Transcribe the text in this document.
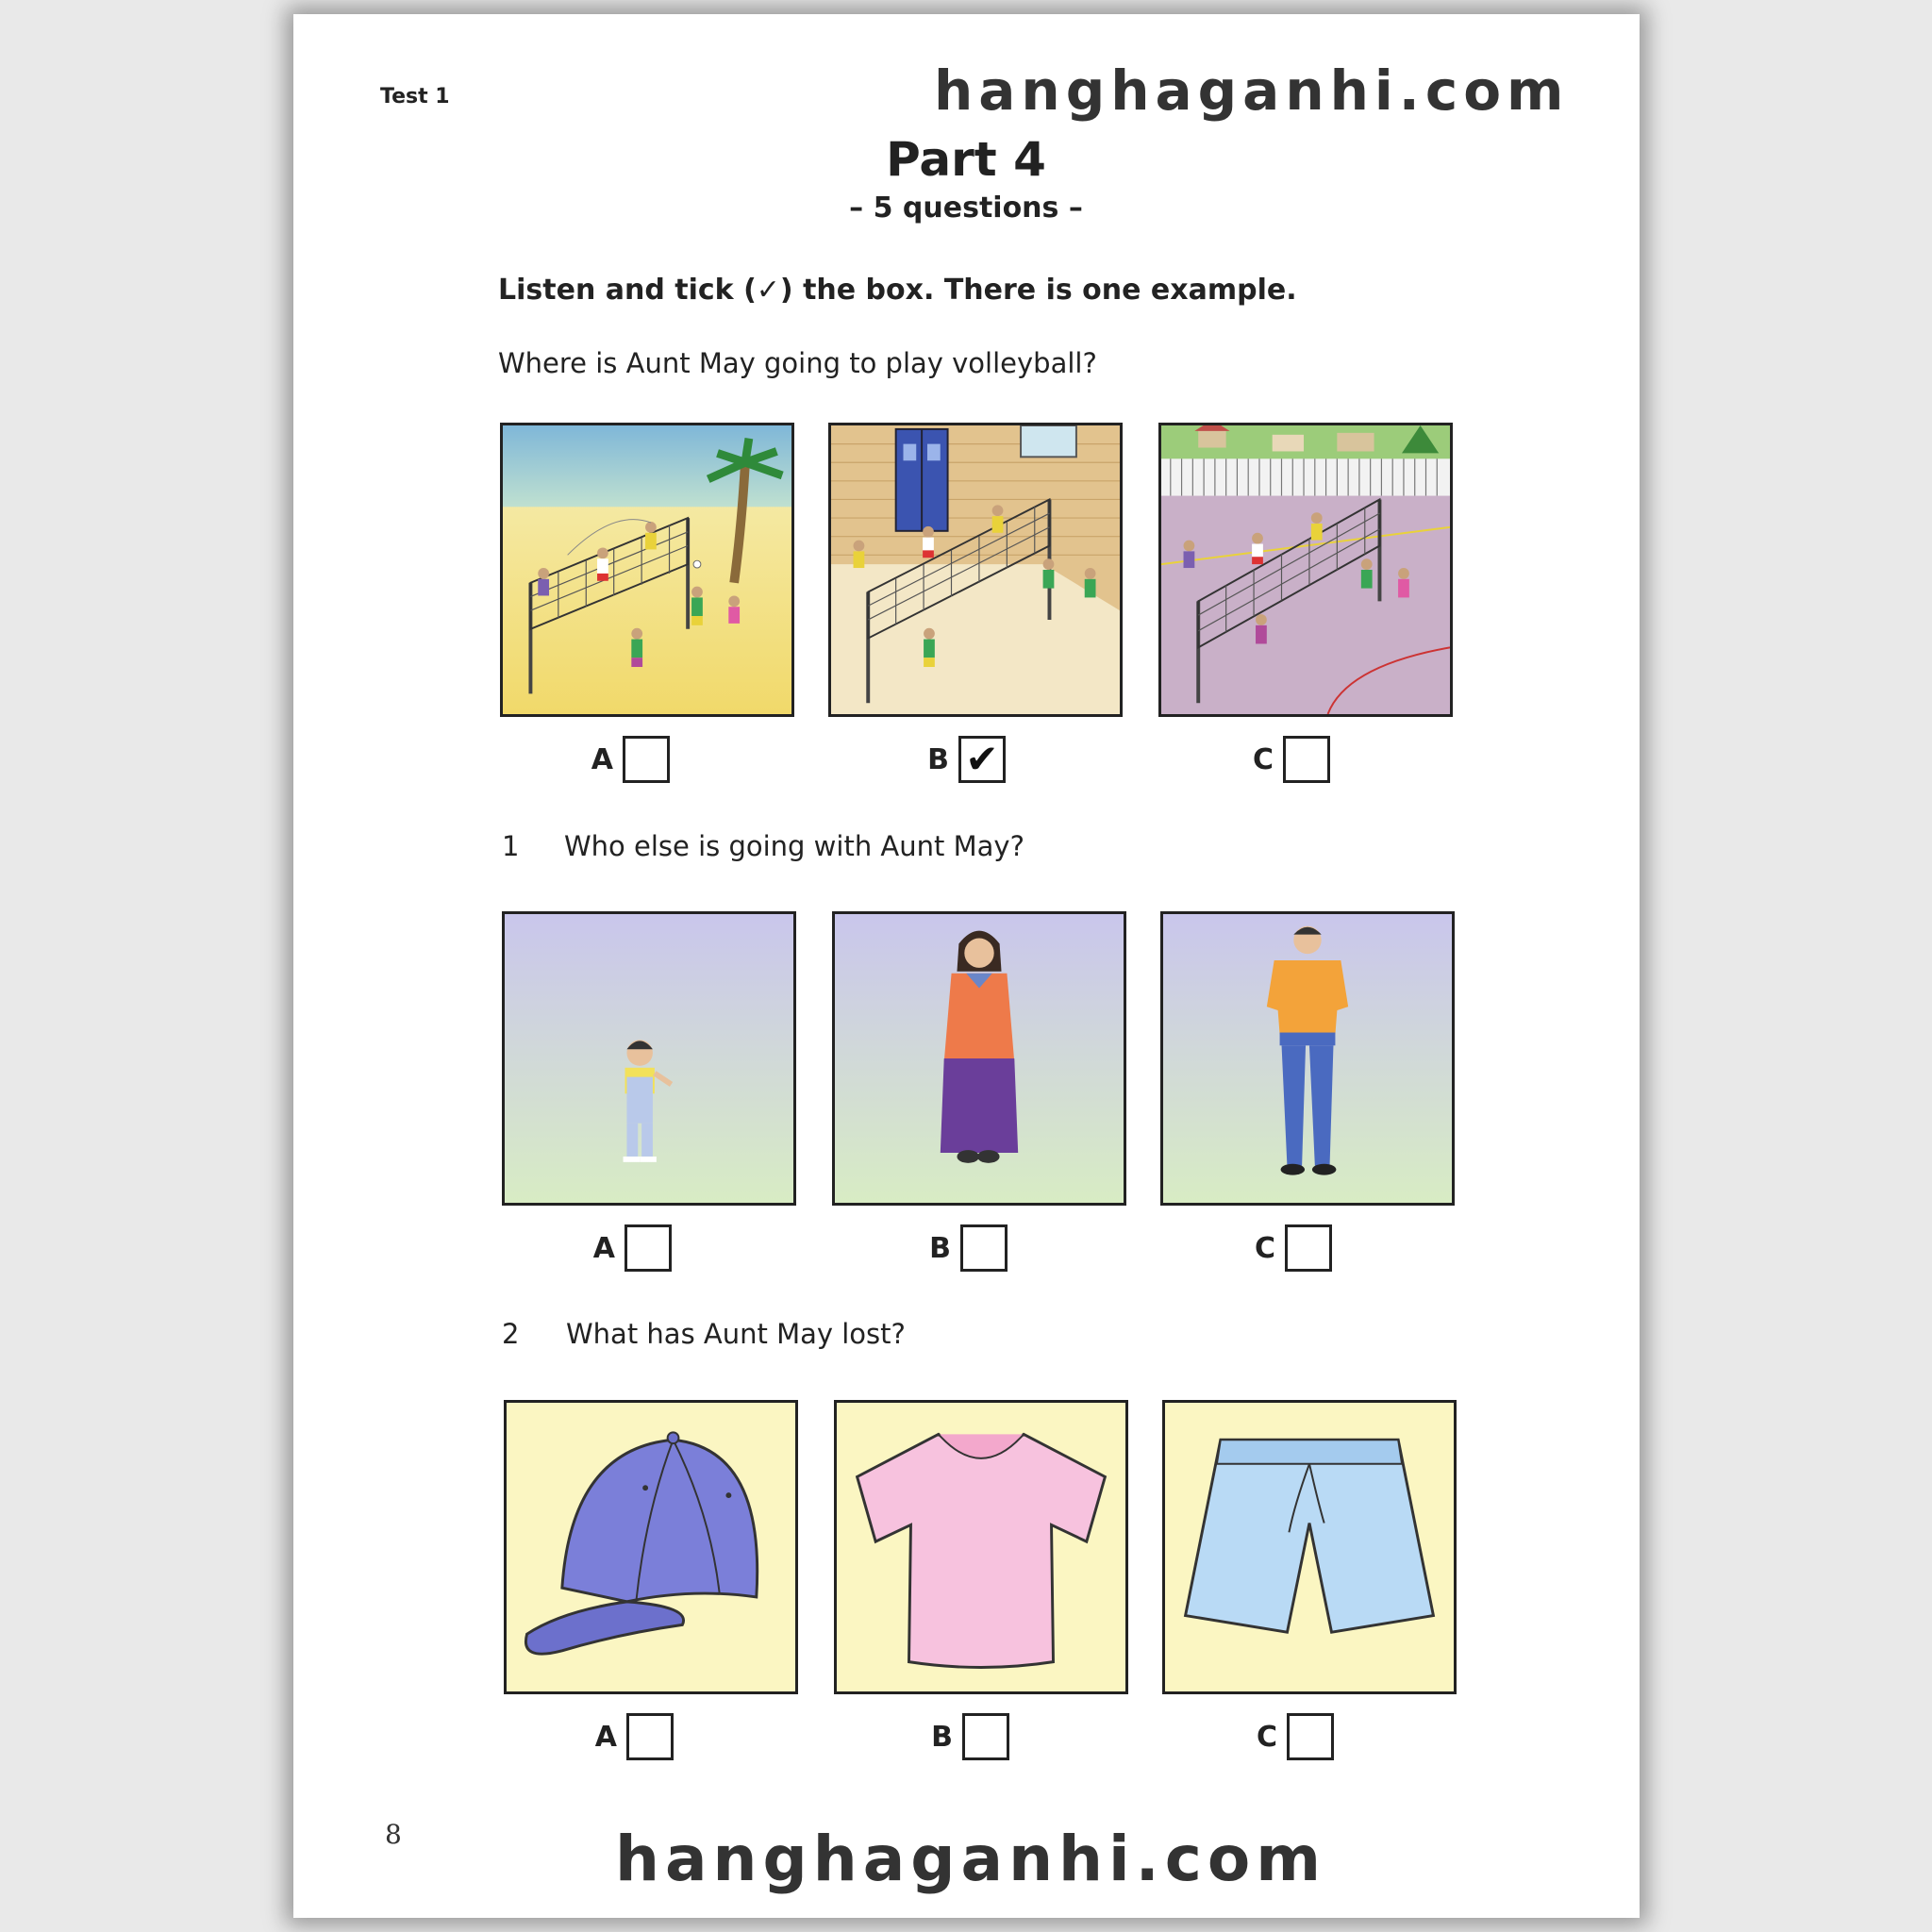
Test 1	hanghaganhi.com
Part 4
– 5 questions –
Listen and tick (✓) the box. There is one example.
Where is Aunt May going to play volleyball?
A	B ✔	C
1 Who else is going with Aunt May?
A	B	C
2 What has Aunt May lost?
A	B	C
8	hanghaganhi.com
